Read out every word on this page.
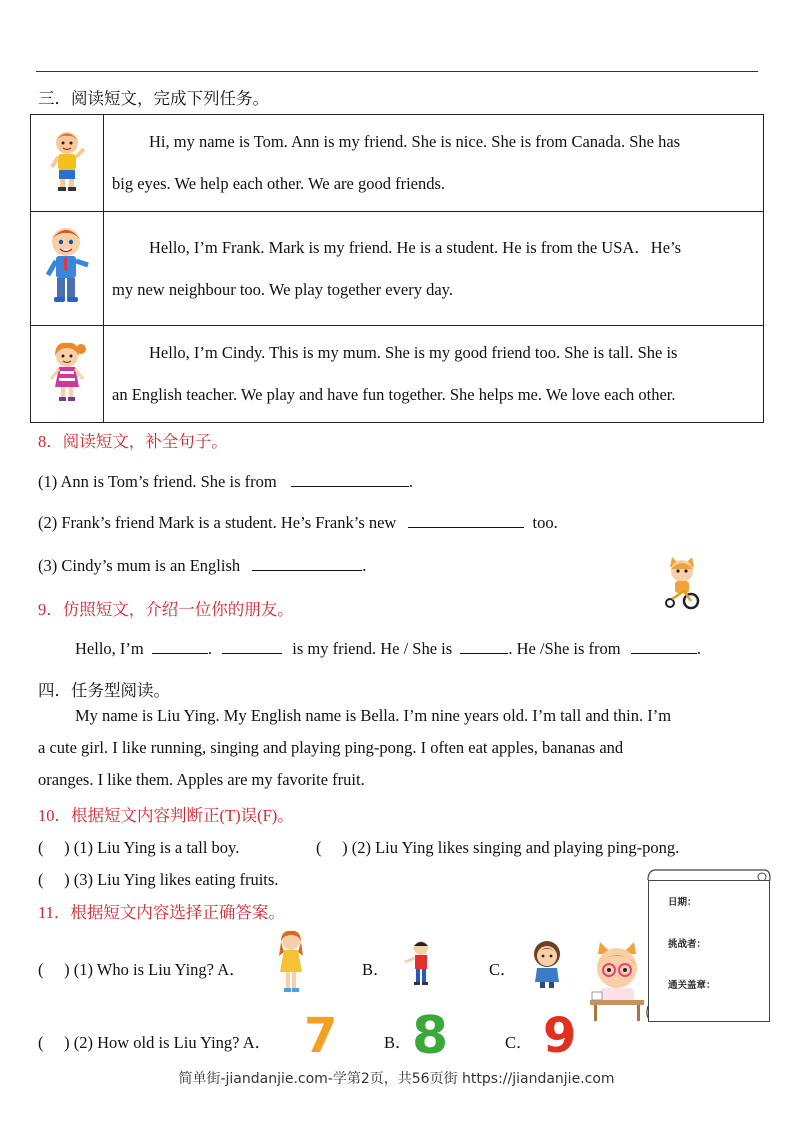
三．阅读短文，完成下列任务。
	Hi, my name is Tom. Ann is my friend. She is nice. She is from Canada. She has
big eyes. We help each other. We are good friends.
	Hello, I’m Frank. Mark is my friend. He is a student. He is from the USA．He’s
my new neighbour too. We play together every day.
	Hello, I’m Cindy. This is my mum. She is my good friend too. She is tall. She is
an English teacher. We play and have fun together. She helps me. We love each other.
8．阅读短文，补全句子。
(1) Ann is Tom’s friend. She is from	.
(2) Frank’s friend Mark is a student. He’s Frank’s new	too.
(3) Cindy’s mum is an English	.
9．仿照短文，介绍一位你的朋友。
Hello, I’m	.	is my friend. He / She is	. He /She is from	.
四．任务型阅读。
My name is Liu Ying. My English name is Bella. I’m nine years old. I’m tall and thin. I’m
a cute girl. I like running, singing and playing ping-pong. I often eat apples, bananas and
oranges. I like them. Apples are my favorite fruit.
10．根据短文内容判断正(T)误(F)。
(　 ) (1) Liu Ying is a tall boy.	(　 ) (2) Liu Ying likes singing and playing ping-pong.
(　 ) (3) Liu Ying likes eating fruits.
11．根据短文内容选择正确答案。
(　 ) (1) Who is Liu Ying? A．	B．	C．
(　 ) (2) How old is Liu Ying? A． 7	B． 8	C． 9
日期：
挑战者：
通关盖章：
简单街-jiandanjie.com-学第2页，共56页街 https://jiandanjie.com
